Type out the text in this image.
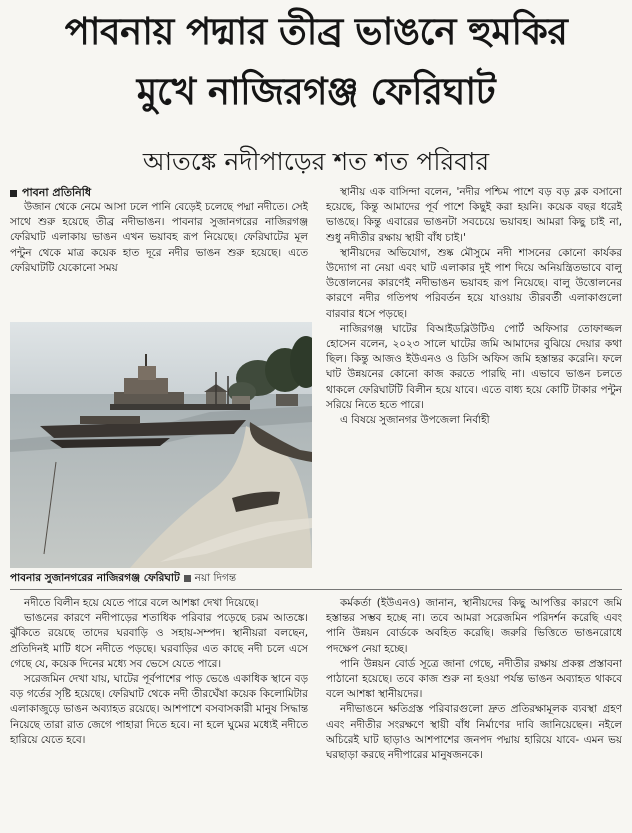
পাবনায় পদ্মার তীব্র ভাঙনে হুমকির
মুখে নাজিরগঞ্জ ফেরিঘাট
আতঙ্কে নদীপাড়ের শত শত পরিবার
পাবনা প্রতিনিধি

উজান থেকে নেমে আসা ঢলে পানি বেড়েই চলেছে পদ্মা নদীতে। সেই সাথে শুরু হয়েছে তীব্র নদীভাঙন। পাবনার সুজানগরের নাজিরগঞ্জ ফেরিঘাট এলাকায় ভাঙন এখন ভয়াবহ রূপ নিয়েছে। ফেরিঘাটের মূল পন্টুন থেকে মাত্র কয়েক হাত দূরে নদীর ভাঙন শুরু হয়েছে। এতে ফেরিঘাটটি যেকোনো সময়

স্থানীয় এক বাসিন্দা বলেন, 'নদীর পশ্চিম পাশে বড় বড় ব্লক বসানো হয়েছে, কিন্তু আমাদের পূর্ব পাশে কিছুই করা হয়নি। কয়েক বছর ধরেই ভাঙছে। কিন্তু এবারের ভাঙনটা সবচেয়ে ভয়াবহ। আমরা কিছু চাই না, শুধু নদীতীর রক্ষায় স্থায়ী বাঁধ চাই।'

স্থানীয়দের অভিযোগ, শুষ্ক মৌসুমে নদী শাসনের কোনো কার্যকর উদ্যোগ না নেয়া এবং ঘাট এলাকার দুই পাশ দিয়ে অনিয়ন্ত্রিতভাবে বালু উত্তোলনের কারণেই নদীভাঙন ভয়াবহ রূপ নিয়েছে। বালু উত্তোলনের কারণে নদীর গতিপথ পরিবর্তন হয়ে যাওয়ায় তীরবর্তী এলাকাগুলো বারবার ধসে পড়ছে।

নাজিরগঞ্জ ঘাটের বিআইডব্লিউটিএ পোর্ট অফিসার তোফাজ্জল হোসেন বলেন, ২০২৩ সালে ঘাটের জমি আমাদের বুঝিয়ে দেয়ার কথা ছিল। কিন্তু আজও ইউএনও ও ডিসি অফিস জমি হস্তান্তর করেনি। ফলে ঘাট উন্নয়নের কোনো কাজ করতে পারছি না। এভাবে ভাঙন চলতে থাকলে ফেরিঘাটটি বিলীন হয়ে যাবে। এতে বাধ্য হয়ে কোটি টাকার পন্টুন সরিয়ে নিতে হতে পারে।

এ বিষয়ে সুজানগর উপজেলা নির্বাহী

পাবনার সুজানগরের নাজিরগঞ্জ ফেরিঘাট নয়া দিগন্ত

নদীতে বিলীন হয়ে যেতে পারে বলে আশঙ্কা দেখা দিয়েছে।

ভাঙনের কারণে নদীপাড়ের শতাধিক পরিবার পড়েছে চরম আতঙ্কে। ঝুঁকিতে রয়েছে তাদের ঘরবাড়ি ও সহায়-সম্পদ। স্থানীয়রা বলছেন, প্রতিদিনই মাটি ধসে নদীতে পড়ছে। ঘরবাড়ির এত কাছে নদী চলে এসে গেছে যে, কয়েক দিনের মধ্যে সব ভেসে যেতে পারে।

সরেজমিন দেখা যায়, ঘাটের পূর্বপাশের পাড় ভেঙে একাধিক স্থানে বড় বড় গর্তের সৃষ্টি হয়েছে। ফেরিঘাট থেকে নদী তীরঘেঁষা কয়েক কিলোমিটার এলাকাজুড়ে ভাঙন অব্যাহত রয়েছে। আশপাশে বসবাসকারী মানুষ সিদ্ধান্ত নিয়েছে তারা রাত জেগে পাহারা দিতে হবে। না হলে ঘুমের মধ্যেই নদীতে হারিয়ে যেতে হবে।

কর্মকর্তা (ইউএনও) জানান, স্থানীয়দের কিছু আপত্তির কারণে জমি হস্তান্তর সম্ভব হচ্ছে না। তবে আমরা সরেজমিন পরিদর্শন করেছি এবং পানি উন্নয়ন বোর্ডকে অবহিত করেছি। জরুরি ভিত্তিতে ভাঙনরোধে পদক্ষেপ নেয়া হচ্ছে।

পানি উন্নয়ন বোর্ড সূত্রে জানা গেছে, নদীতীর রক্ষায় প্রকল্প প্রস্তাবনা পাঠানো হয়েছে। তবে কাজ শুরু না হওয়া পর্যন্ত ভাঙন অব্যাহত থাকবে বলে আশঙ্কা স্থানীয়দের।

নদীভাঙনে ক্ষতিগ্রস্ত পরিবারগুলো দ্রুত প্রতিরক্ষামূলক ব্যবস্থা গ্রহণ এবং নদীতীর সংরক্ষণে স্থায়ী বাঁধ নির্মাণের দাবি জানিয়েছেন। নইলে অচিরেই ঘাট ছাড়াও আশপাশের জনপদ পদ্মায় হারিয়ে যাবে- এমন ভয় ঘরছাড়া করছে নদীপারের মানুষজনকে।
